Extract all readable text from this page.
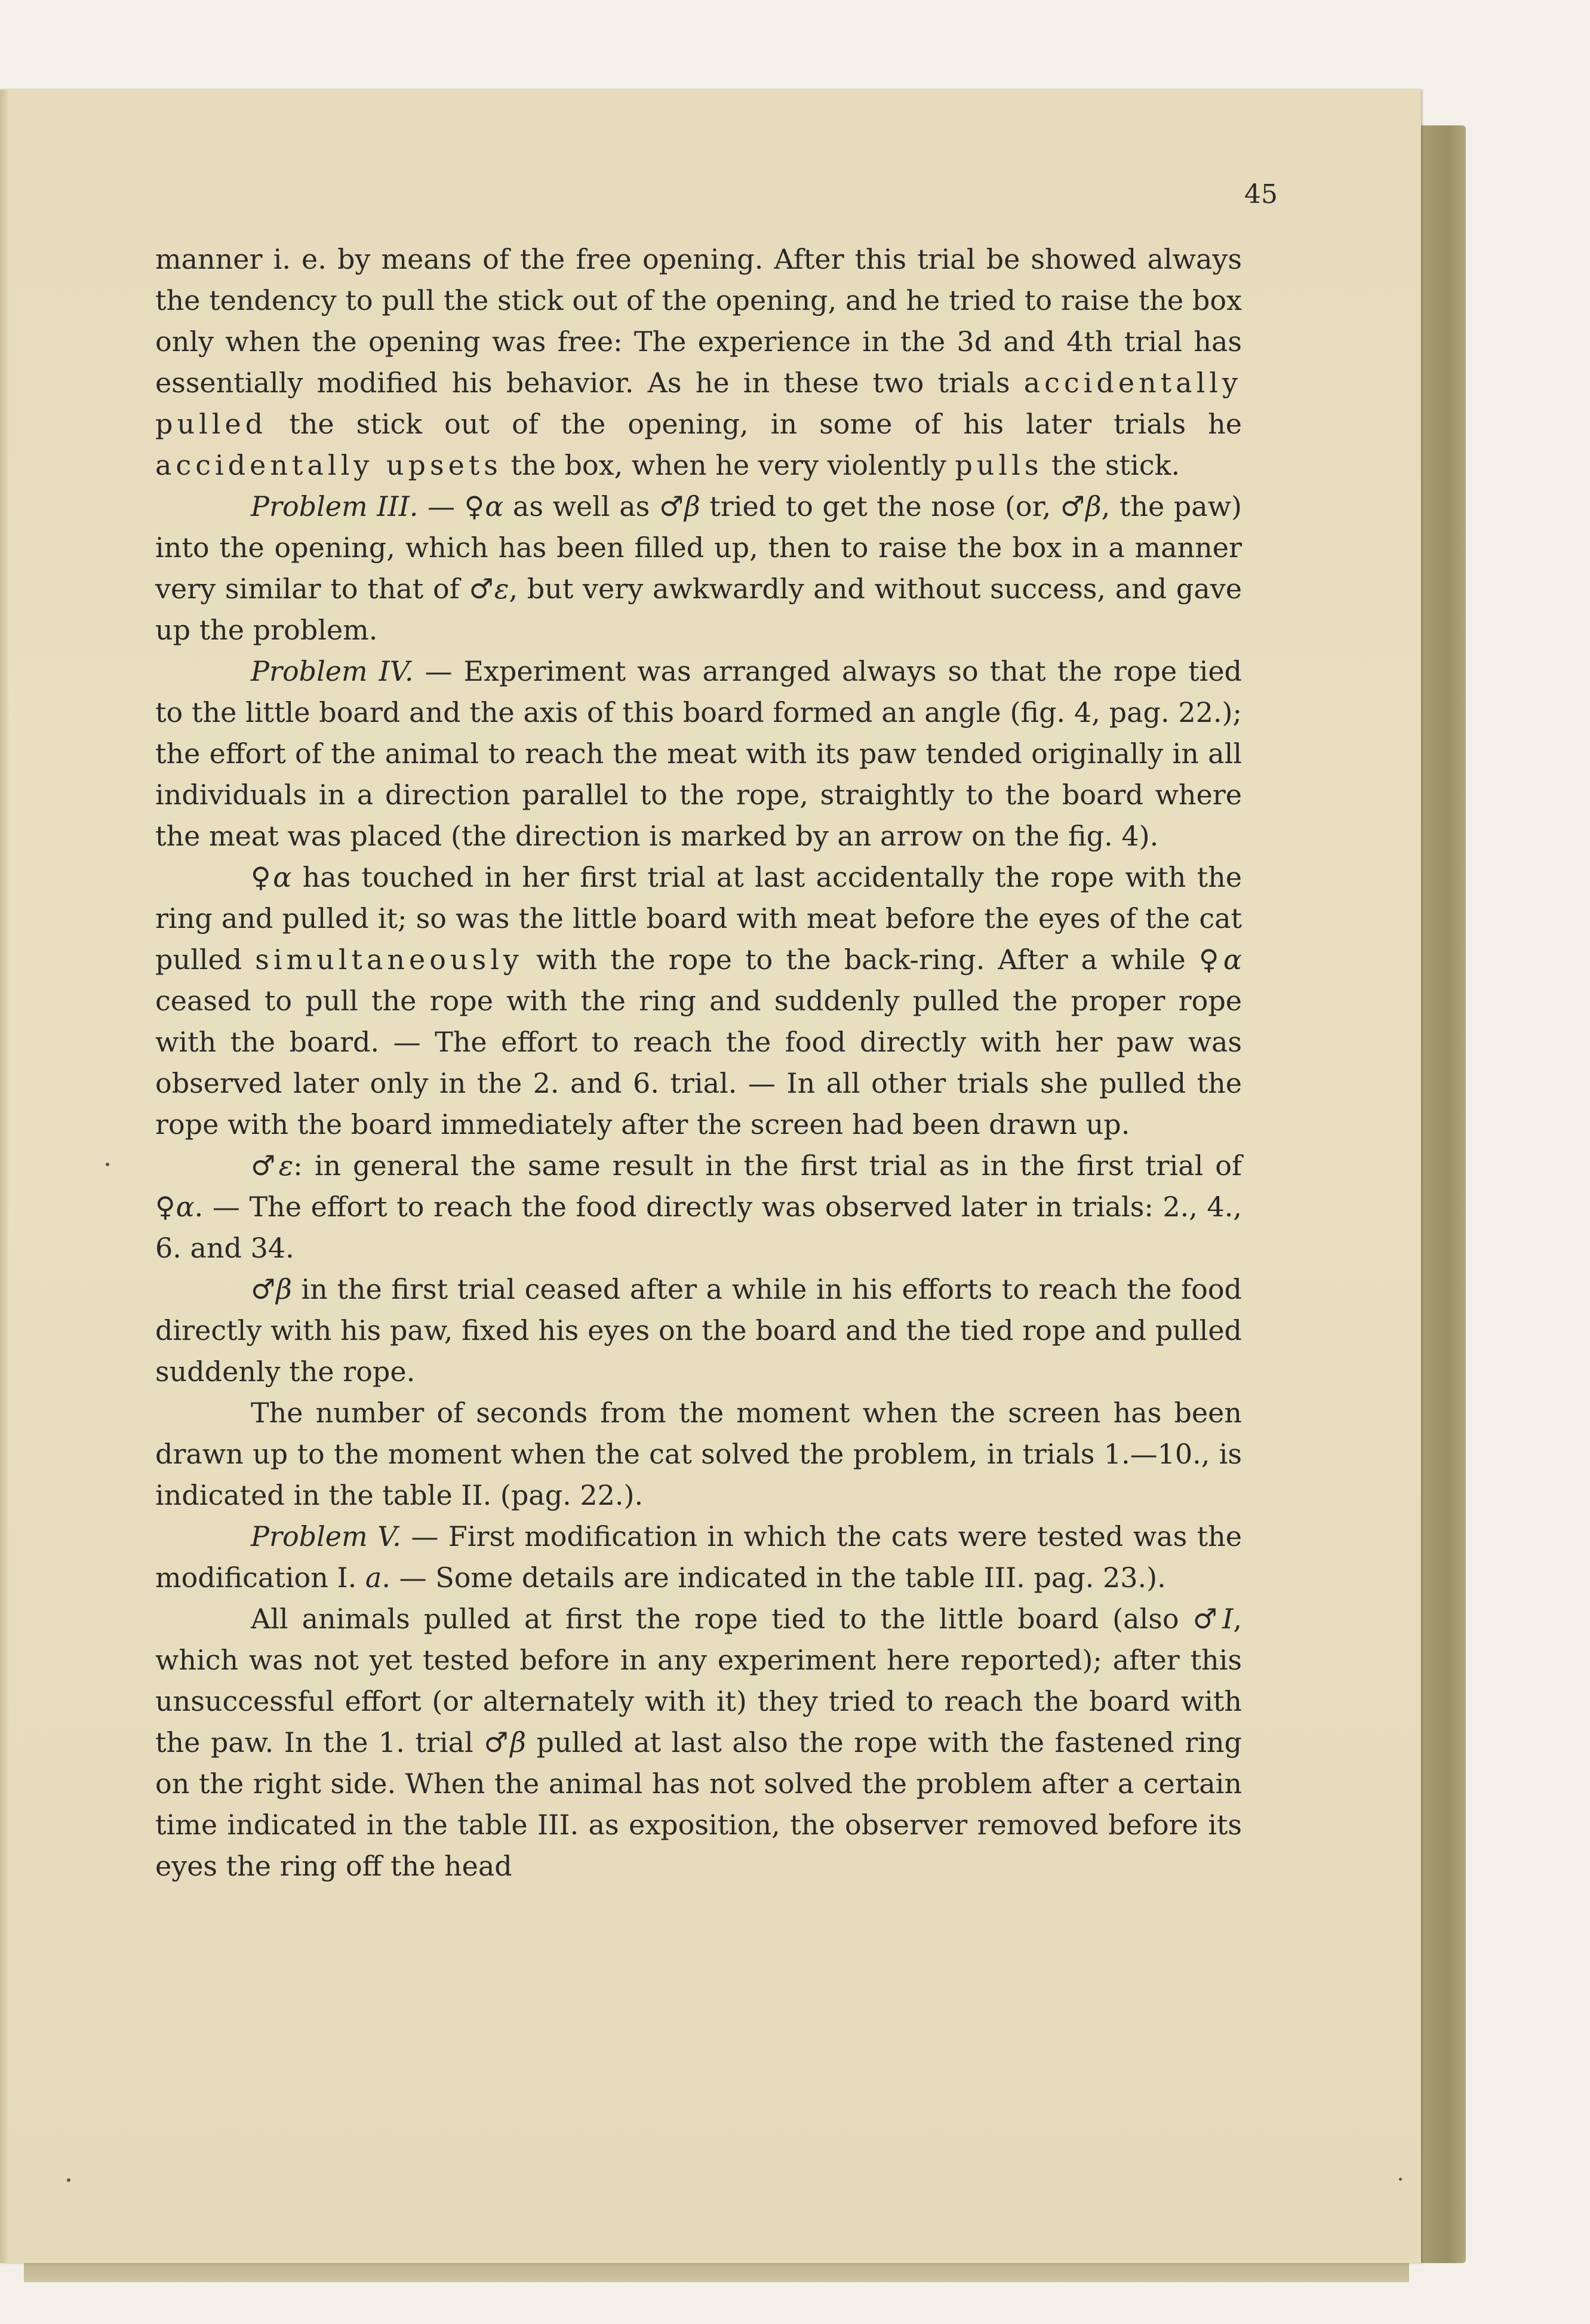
45

manner i. e. by means of the free opening. After this trial be showed always the tendency to pull the stick out of the opening, and he tried to raise the box only when the opening was free: The experience in the 3d and 4th trial has essentially modified his behavior. As he in these two trials accidentally pulled the stick out of the opening, in some of his later trials he accidentally upsets the box, when he very violently pulls the stick.

Problem III. — ♀α as well as ♂β tried to get the nose (or, ♂β, the paw) into the opening, which has been filled up, then to raise the box in a manner very similar to that of ♂ε, but very awkwardly and without success, and gave up the problem.

Problem IV. — Experiment was arranged always so that the rope tied to the little board and the axis of this board formed an angle (fig. 4, pag. 22.); the effort of the animal to reach the meat with its paw tended originally in all individuals in a direction parallel to the rope, straightly to the board where the meat was placed (the direction is marked by an arrow on the fig. 4).

♀α has touched in her first trial at last accidentally the rope with the ring and pulled it; so was the little board with meat before the eyes of the cat pulled simultaneously with the rope to the back-ring. After a while ♀α ceased to pull the rope with the ring and suddenly pulled the proper rope with the board. — The effort to reach the food directly with her paw was observed later only in the 2. and 6. trial. — In all other trials she pulled the rope with the board immediately after the screen had been drawn up.

♂ε: in general the same result in the first trial as in the first trial of ♀α. — The effort to reach the food directly was observed later in trials: 2., 4., 6. and 34.

♂β in the first trial ceased after a while in his efforts to reach the food directly with his paw, fixed his eyes on the board and the tied rope and pulled suddenly the rope.

The number of seconds from the moment when the screen has been drawn up to the moment when the cat solved the problem, in trials 1.—10., is indicated in the table II. (pag. 22.).

Problem V. — First modification in which the cats were tested was the modification I. a. — Some details are indicated in the table III. pag. 23.).

All animals pulled at first the rope tied to the little board (also ♂I, which was not yet tested before in any experiment here reported); after this unsuccessful effort (or alternately with it) they tried to reach the board with the paw. In the 1. trial ♂β pulled at last also the rope with the fastened ring on the right side. When the animal has not solved the problem after a certain time indicated in the table III. as exposition, the observer removed before its eyes the ring off the head
